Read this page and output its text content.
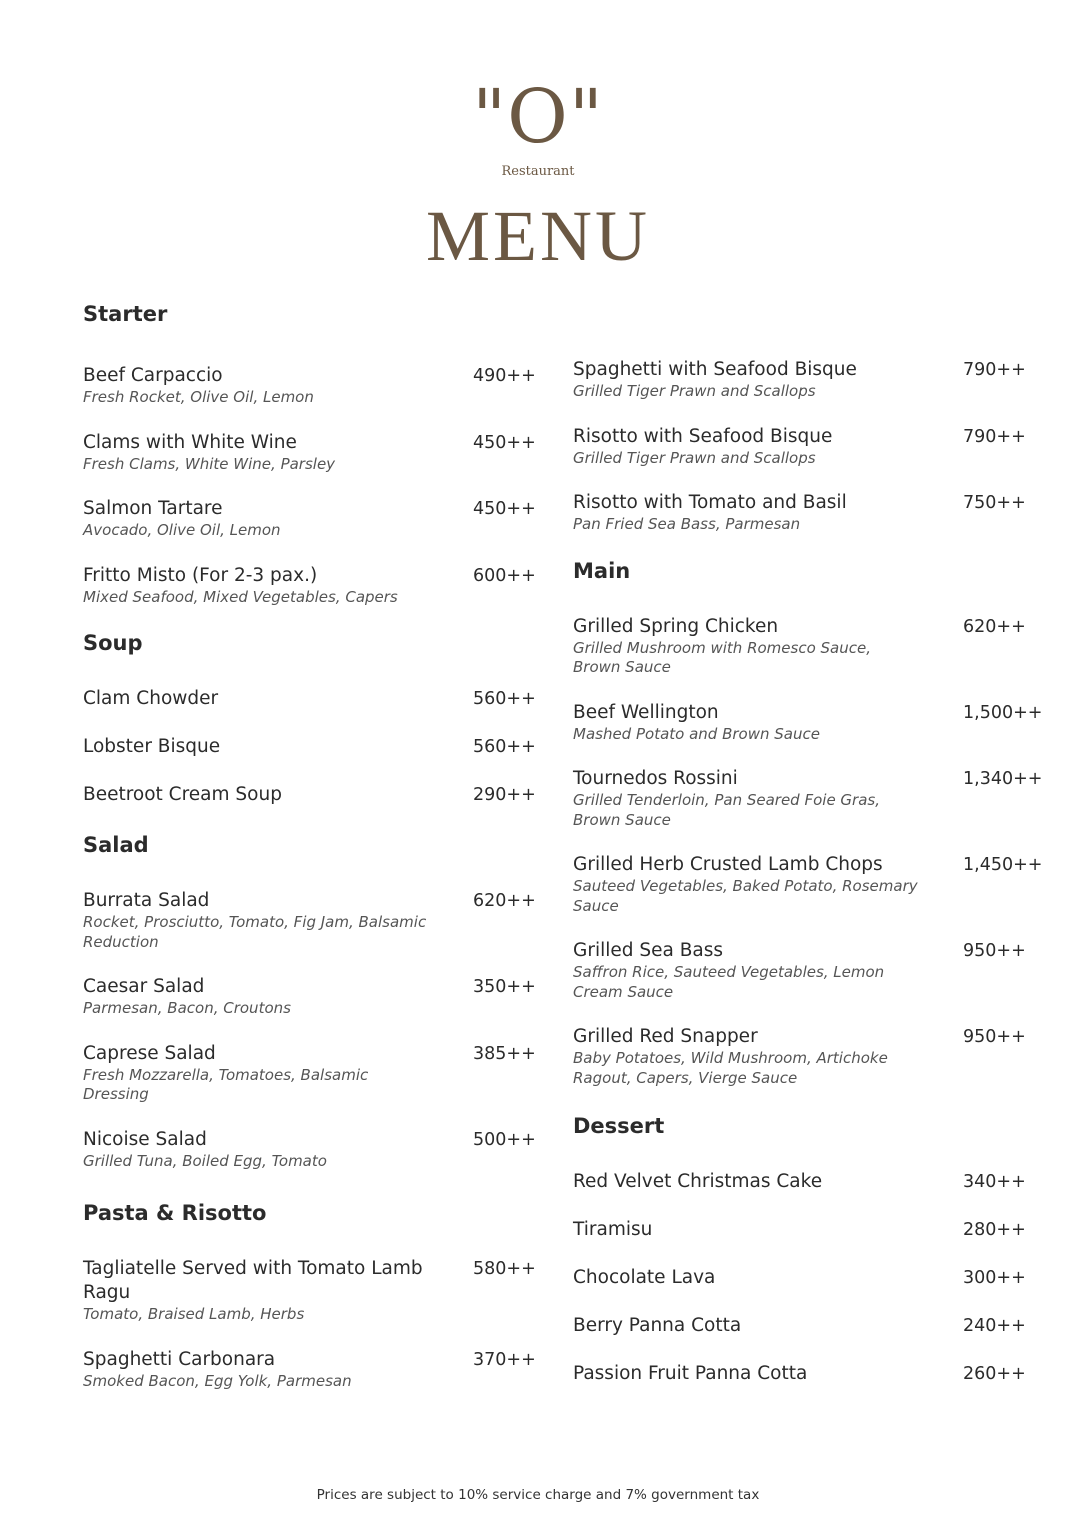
"O"
Restaurant
MENU
Starter
Beef Carpaccio
Fresh Rocket, Olive Oil, Lemon
490++
Clams with White Wine
Fresh Clams, White Wine, Parsley
450++
Salmon Tartare
Avocado, Olive Oil, Lemon
450++
Fritto Misto (For 2-3 pax.)
Mixed Seafood, Mixed Vegetables, Capers
600++
Soup
Clam Chowder	560++
Lobster Bisque	560++
Beetroot Cream Soup	290++
Salad
Burrata Salad
Rocket, Prosciutto, Tomato, Fig Jam, Balsamic Reduction
620++
Caesar Salad
Parmesan, Bacon, Croutons
350++
Caprese Salad
Fresh Mozzarella, Tomatoes, Balsamic Dressing
385++
Nicoise Salad
Grilled Tuna, Boiled Egg, Tomato
500++
Pasta & Risotto
Tagliatelle Served with Tomato Lamb Ragu
Tomato, Braised Lamb, Herbs
580++
Spaghetti Carbonara
Smoked Bacon, Egg Yolk, Parmesan
370++
Spaghetti with Seafood Bisque
Grilled Tiger Prawn and Scallops
790++
Risotto with Seafood Bisque
Grilled Tiger Prawn and Scallops
790++
Risotto with Tomato and Basil
Pan Fried Sea Bass, Parmesan
750++
Main
Grilled Spring Chicken
Grilled Mushroom with Romesco Sauce, Brown Sauce
620++
Beef Wellington
Mashed Potato and Brown Sauce
1,500++
Tournedos Rossini
Grilled Tenderloin, Pan Seared Foie Gras, Brown Sauce
1,340++
Grilled Herb Crusted Lamb Chops
Sauteed Vegetables, Baked Potato, Rosemary Sauce
1,450++
Grilled Sea Bass
Saffron Rice, Sauteed Vegetables, Lemon Cream Sauce
950++
Grilled Red Snapper
Baby Potatoes, Wild Mushroom, Artichoke Ragout, Capers, Vierge Sauce
950++
Dessert
Red Velvet Christmas Cake	340++
Tiramisu	280++
Chocolate Lava	300++
Berry Panna Cotta	240++
Passion Fruit Panna Cotta	260++
Prices are subject to 10% service charge and 7% government tax
